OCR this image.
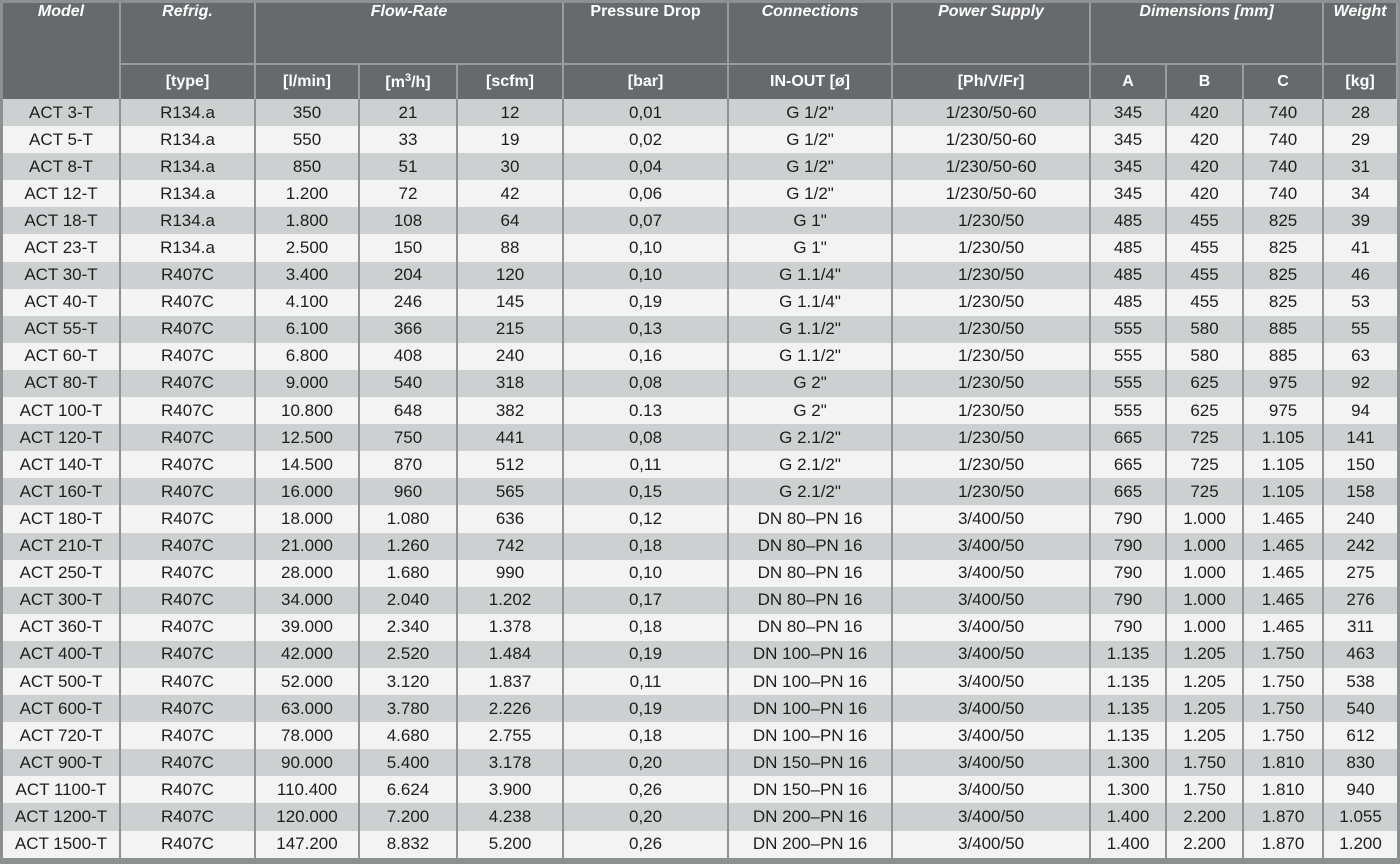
Model	Refrig.	Flow-Rate			Pressure Drop	Connections	Power Supply	Dimensions [mm]			Weight
	[type]	[l/min]	$[m^3/h]$	[scfm]	[bar]	IN-OUT [ø]	[Ph/V/Fr]	A	B	C	[kg]
ACT 3-T	R134.a	350	21	12	0,01	G 1/2"	1/230/50-60	345	420	740	28
ACT 5-T	R134.a	550	33	19	0,02	G 1/2"	1/230/50-60	345	420	740	29
ACT 8-T	R134.a	850	51	30	0,04	G 1/2"	1/230/50-60	345	420	740	31
ACT 12-T	R134.a	1.200	72	42	0,06	G 1/2"	1/230/50-60	345	420	740	34
ACT 18-T	R134.a	1.800	108	64	0,07	G 1"	1/230/50	485	455	825	39
ACT 23-T	R134.a	2.500	150	88	0,10	G 1"	1/230/50	485	455	825	41
ACT 30-T	R407C	3.400	204	120	0,10	G 1.1/4"	1/230/50	485	455	825	46
ACT 40-T	R407C	4.100	246	145	0,19	G 1.1/4"	1/230/50	485	455	825	53
ACT 55-T	R407C	6.100	366	215	0,13	G 1.1/2"	1/230/50	555	580	885	55
ACT 60-T	R407C	6.800	408	240	0,16	G 1.1/2"	1/230/50	555	580	885	63
ACT 80-T	R407C	9.000	540	318	0,08	G 2"	1/230/50	555	625	975	92
ACT 100-T	R407C	10.800	648	382	0.13	G 2"	1/230/50	555	625	975	94
ACT 120-T	R407C	12.500	750	441	0,08	G 2.1/2"	1/230/50	665	725	1.105	141
ACT 140-T	R407C	14.500	870	512	0,11	G 2.1/2"	1/230/50	665	725	1.105	150
ACT 160-T	R407C	16.000	960	565	0,15	G 2.1/2"	1/230/50	665	725	1.105	158
ACT 180-T	R407C	18.000	1.080	636	0,12	DN 80–PN 16	3/400/50	790	1.000	1.465	240
ACT 210-T	R407C	21.000	1.260	742	0,18	DN 80–PN 16	3/400/50	790	1.000	1.465	242
ACT 250-T	R407C	28.000	1.680	990	0,10	DN 80–PN 16	3/400/50	790	1.000	1.465	275
ACT 300-T	R407C	34.000	2.040	1.202	0,17	DN 80–PN 16	3/400/50	790	1.000	1.465	276
ACT 360-T	R407C	39.000	2.340	1.378	0,18	DN 80–PN 16	3/400/50	790	1.000	1.465	311
ACT 400-T	R407C	42.000	2.520	1.484	0,19	DN 100–PN 16	3/400/50	1.135	1.205	1.750	463
ACT 500-T	R407C	52.000	3.120	1.837	0,11	DN 100–PN 16	3/400/50	1.135	1.205	1.750	538
ACT 600-T	R407C	63.000	3.780	2.226	0,19	DN 100–PN 16	3/400/50	1.135	1.205	1.750	540
ACT 720-T	R407C	78.000	4.680	2.755	0,18	DN 100–PN 16	3/400/50	1.135	1.205	1.750	612
ACT 900-T	R407C	90.000	5.400	3.178	0,20	DN 150–PN 16	3/400/50	1.300	1.750	1.810	830
ACT 1100-T	R407C	110.400	6.624	3.900	0,26	DN 150–PN 16	3/400/50	1.300	1.750	1.810	940
ACT 1200-T	R407C	120.000	7.200	4.238	0,20	DN 200–PN 16	3/400/50	1.400	2.200	1.870	1.055
ACT 1500-T	R407C	147.200	8.832	5.200	0,26	DN 200–PN 16	3/400/50	1.400	2.200	1.870	1.200
